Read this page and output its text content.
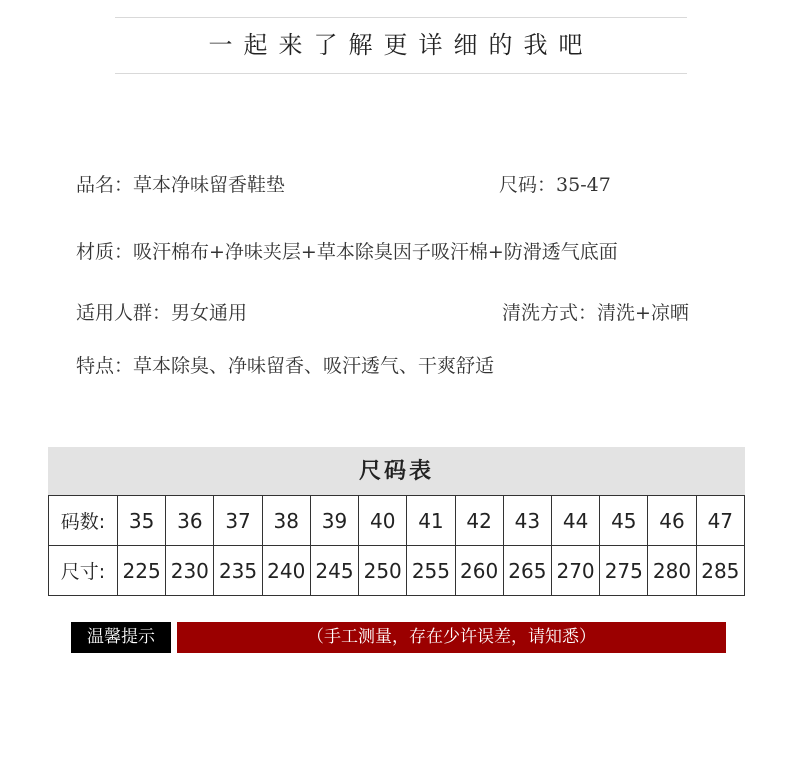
一起来了解更详细的我吧
品名：草本净味留香鞋垫	尺码：35-47
材质：吸汗棉布+净味夹层+草本除臭因子吸汗棉+防滑透气底面
适用人群：男女通用	清洗方式：清洗+凉晒
特点：草本除臭、净味留香、吸汗透气、干爽舒适
尺码表
码数:	35	36	37	38	39	40	41	42	43	44	45	46	47
尺寸:	225	230	235	240	245	250	255	260	265	270	275	280	285
温馨提示	（手工测量，存在少许误差，请知悉）
